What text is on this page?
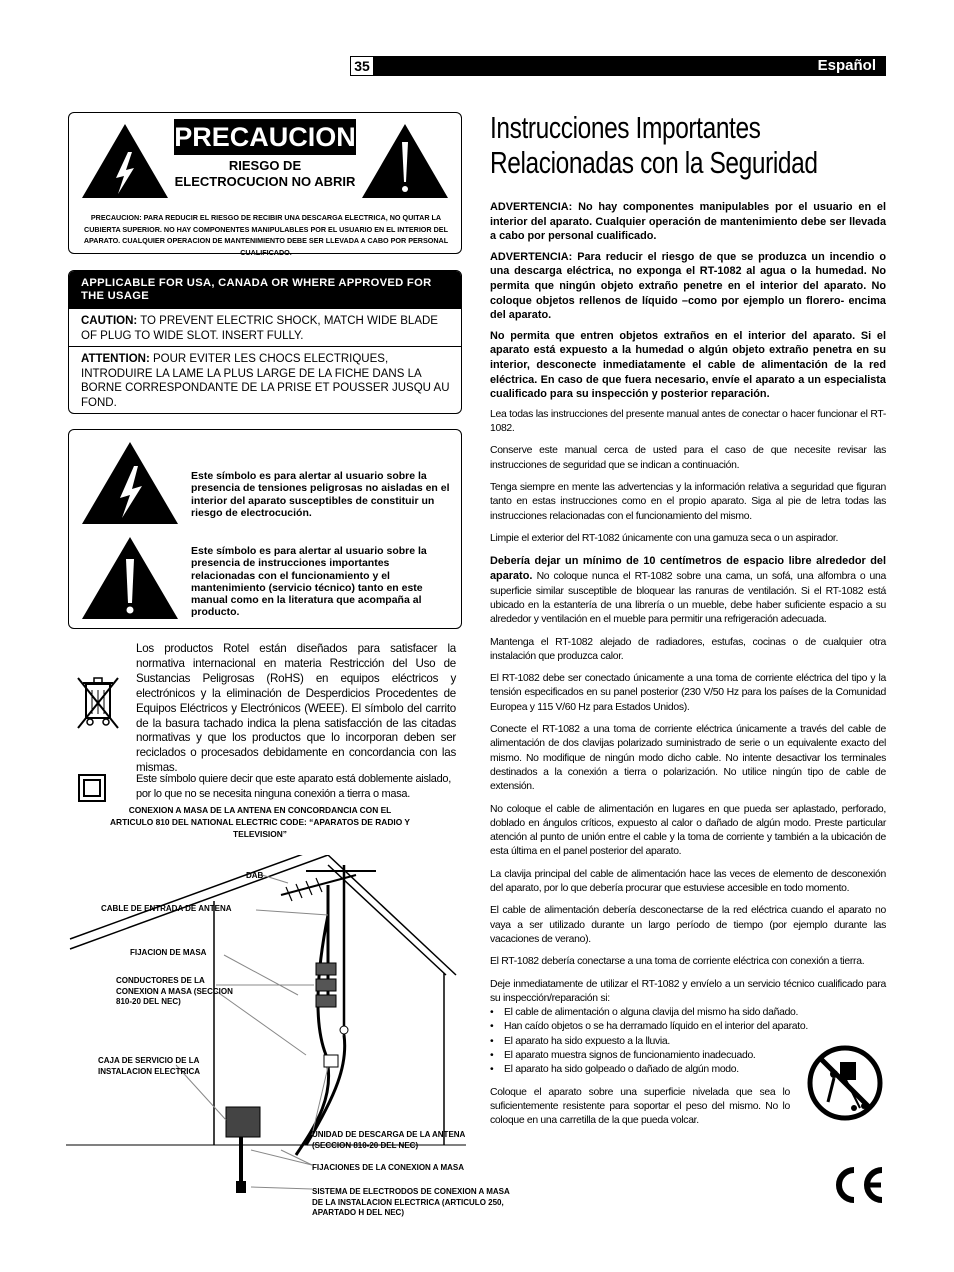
35	Español
PRECAUCION
RIESGO DE ELECTROCUCION NO ABRIR
PRECAUCION: PARA REDUCIR EL RIESGO DE RECIBIR UNA DESCARGA ELECTRICA, NO QUITAR LA CUBIERTA SUPERIOR. NO HAY COMPONENTES MANIPULABLES POR EL USUARIO EN EL INTERIOR DEL APARATO. CUALQUIER OPERACION DE MANTENIMIENTO DEBE SER LLEVADA A CABO POR PERSONAL CUALIFICADO.
APPLICABLE FOR USA, CANADA OR WHERE APPROVED FOR THE USAGE
CAUTION: TO PREVENT ELECTRIC SHOCK, MATCH WIDE BLADE OF PLUG TO WIDE SLOT. INSERT FULLY.
ATTENTION: POUR EVITER LES CHOCS ELECTRIQUES, INTRODUIRE LA LAME LA PLUS LARGE DE LA FICHE DANS LA BORNE CORRESPONDANTE DE LA PRISE ET POUSSER JUSQU AU FOND.
Este símbolo es para alertar al usuario sobre la presencia de tensiones peligrosas no aisladas en el interior del aparato susceptibles de constituir un riesgo de electrocución.
Este símbolo es para alertar al usuario sobre la presencia de instrucciones importantes relacionadas con el funcionamiento y el mantenimiento (servicio técnico) tanto en este manual como en la literatura que acompaña al producto.
Los productos Rotel están diseñados para satisfacer la normativa internacional en materia Restricción del Uso de Sustancias Peligrosas (RoHS) en equipos eléctricos y electrónicos y la eliminación de Desperdicios Procedentes de Equipos Eléctricos y Electrónicos (WEEE). El símbolo del carrito de la basura tachado indica la plena satisfacción de las citadas normativas y que los productos que lo incorporan deben ser reciclados o procesados debidamente en concordancia con las mismas.
Este símbolo quiere decir que este aparato está doblemente aislado, por lo que no se necesita ninguna conexión a tierra o masa.
CONEXION A MASA DE LA ANTENA EN CONCORDANCIA CON EL ARTICULO 810 DEL NATIONAL ELECTRIC CODE: “APARATOS DE RADIO Y TELEVISION”
DAB
CABLE DE ENTRADA DE ANTENA
FIJACION DE MASA
CONDUCTORES DE LA CONEXION A MASA (SECCION 810-20 DEL NEC)
CAJA DE SERVICIO DE LA INSTALACION ELECTRICA
UNIDAD DE DESCARGA DE LA ANTENA (SECCION 810-20 DEL NEC)
FIJACIONES DE LA CONEXION A MASA
SISTEMA DE ELECTRODOS DE CONEXION A MASA DE LA INSTALACION ELECTRICA (ARTICULO 250, APARTADO H DEL NEC)
Instrucciones Importantes Relacionadas con la Seguridad

ADVERTENCIA: No hay componentes manipulables por el usuario en el interior del aparato. Cualquier operación de mantenimiento debe ser llevada a cabo por personal cualificado.

ADVERTENCIA: Para reducir el riesgo de que se produzca un incendio o una descarga eléctrica, no exponga el RT-1082 al agua o la humedad. No permita que ningún objeto extraño penetre en el interior del aparato. No coloque objetos rellenos de líquido –como por ejemplo un florero- encima del aparato.

No permita que entren objetos extraños en el interior del aparato. Si el aparato está expuesto a la humedad o algún objeto extraño penetra en su interior, desconecte inmediatamente el cable de alimentación de la red eléctrica. En caso de que fuera necesario, envíe el aparato a un especialista cualificado para su inspección y posterior reparación.

Lea todas las instrucciones del presente manual antes de conectar o hacer funcionar el RT-1082.

Conserve este manual cerca de usted para el caso de que necesite revisar las instrucciones de seguridad que se indican a continuación.

Tenga siempre en mente las advertencias y la información relativa a seguridad que figuran tanto en estas instrucciones como en el propio aparato. Siga al pie de letra todas las instrucciones relacionadas con el funcionamiento del mismo.

Limpie el exterior del RT-1082 únicamente con una gamuza seca o un aspirador.

Debería dejar un mínimo de 10 centímetros de espacio libre alrededor del aparato. No coloque nunca el RT-1082 sobre una cama, un sofá, una alfombra o una superficie similar susceptible de bloquear las ranuras de ventilación. Si el RT-1082 está ubicado en la estantería de una librería o un mueble, debe haber suficiente espacio a su alrededor y ventilación en el mueble para permitir una refrigeración adecuada.

Mantenga el RT-1082 alejado de radiadores, estufas, cocinas o de cualquier otra instalación que produzca calor.

El RT-1082 debe ser conectado únicamente a una toma de corriente eléctrica del tipo y la tensión especificados en su panel posterior (230 V/50 Hz para los países de la Comunidad Europea y 115 V/60 Hz para Estados Unidos).

Conecte el RT-1082 a una toma de corriente eléctrica únicamente a través del cable de alimentación de dos clavijas polarizado suministrado de serie o un equivalente exacto del mismo. No modifique de ningún modo dicho cable. No intente desactivar los terminales destinados a la conexión a tierra o polarización. No utilice ningún tipo de cable de extensión.

No coloque el cable de alimentación en lugares en que pueda ser aplastado, perforado, doblado en ángulos críticos, expuesto al calor o dañado de algún modo. Preste particular atención al punto de unión entre el cable y la toma de corriente y también a la ubicación de esta última en el panel posterior del aparato.

La clavija principal del cable de alimentación hace las veces de elemento de desconexión del aparato, por lo que debería procurar que estuviese accesible en todo momento.

El cable de alimentación debería desconectarse de la red eléctrica cuando el aparato no vaya a ser utilizado durante un largo período de tiempo (por ejemplo durante las vacaciones de verano).

El RT-1082 debería conectarse a una toma de corriente eléctrica con conexión a tierra.

Deje inmediatamente de utilizar el RT-1082 y envíelo a un servicio técnico cualificado para su inspección/reparación si:

• El cable de alimentación o alguna clavija del mismo ha sido dañado.
• Han caído objetos o se ha derramado líquido en el interior del aparato.
• El aparato ha sido expuesto a la lluvia.
• El aparato muestra signos de funcionamiento inadecuado.
• El aparato ha sido golpeado o dañado de algún modo.

Coloque el aparato sobre una superficie nivelada que sea lo suficientemente resistente para soportar el peso del mismo. No lo coloque en una carretilla de la que pueda volcar.
